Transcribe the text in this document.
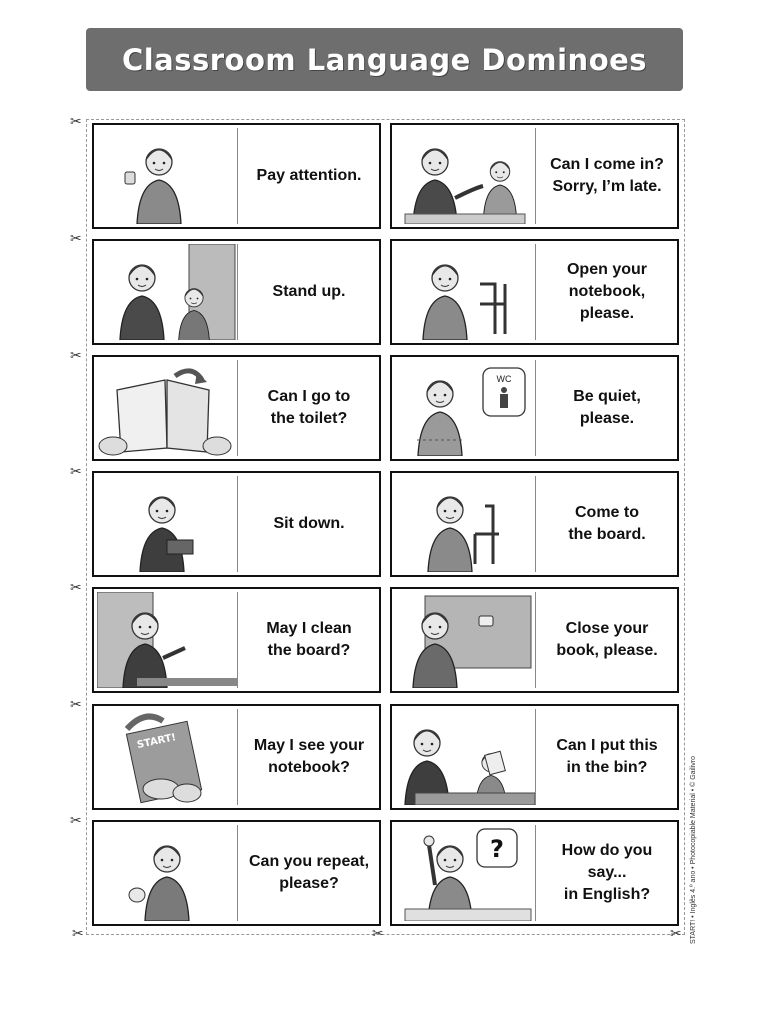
Classroom Language Dominoes
Pay attention.
Can I come in?
Sorry, I’m late.
Stand up.
Open your
notebook,
please.
Can I go to
the toilet?
WC
Be quiet,
please.
Sit down.
Come to
the board.
May I clean
the board?
Close your
book, please.
START!	May I see your
notebook?
Can I put this
in the bin?
Can you repeat,
please?
?	How do you say...
in English?	START! • Inglês 4.º ano • Photocopiable Material • © Gailivro
✂
✂
✂
✂
✂
✂
✂
✂	✂	✂
